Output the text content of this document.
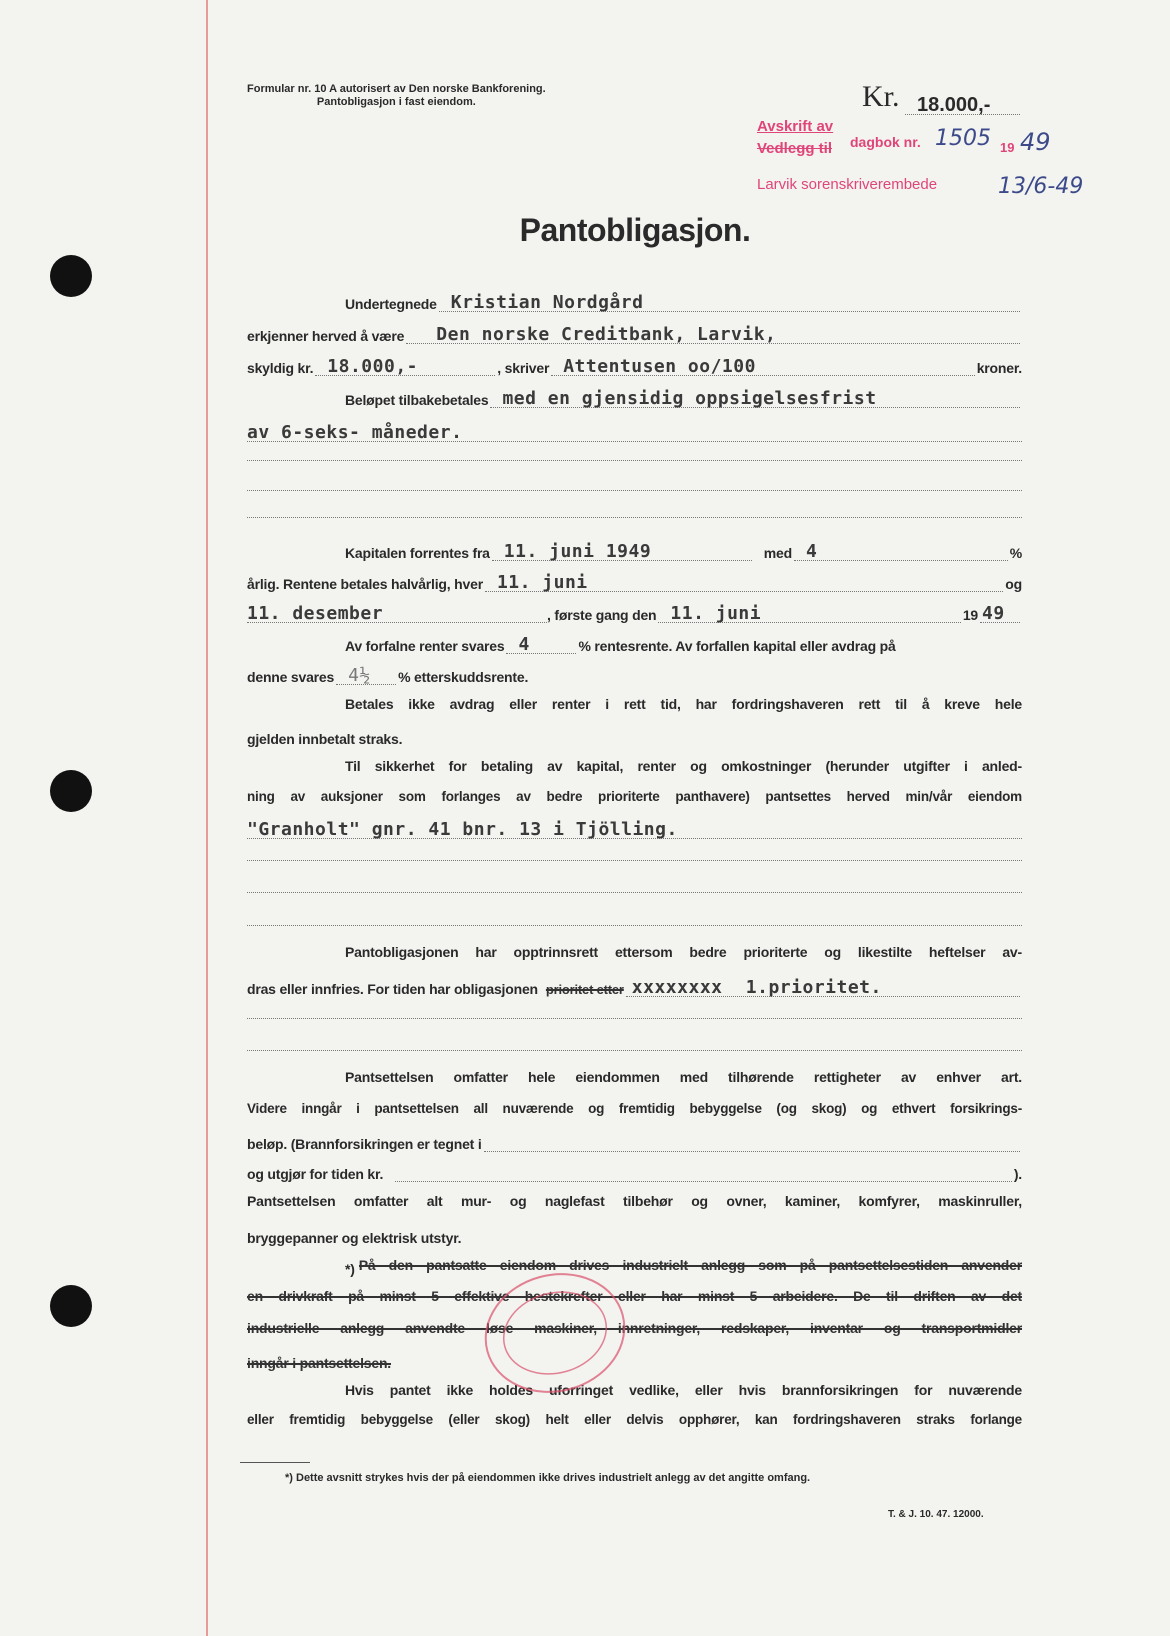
Formular nr. 10 A autorisert av Den norske Bankforening.
Pantobligasjon i fast eiendom.	Kr. 18.000,-
Avskrift av
Vedlegg til dagbok nr. 1505 19 49
Larvik sorenskriverembede	13/6-49
Pantobligasjon.
Undertegnede Kristian Nordgård
erkjenner herved å være Den norske Creditbank, Larvik,
skyldig kr. 18.000,-	, skriver Attentusen oo/100	kroner.
Beløpet tilbakebetales med en gjensidig oppsigelsesfrist
av 6-seks- måneder.
Kapitalen forrentes fra 11. juni 1949	med 4	%
årlig. Rentene betales halvårlig, hver 11. juni	og
11. desember	, første gang den 11. juni	19 49
Av forfalne renter svares 4	% rentesrente. Av forfallen kapital eller avdrag på
denne svares 4½ % etterskuddsrente.
Betales ikke avdrag eller renter i rett tid, har fordringshaveren rett til å kreve hele
gjelden innbetalt straks.
Til sikkerhet for betaling av kapital, renter og omkostninger (herunder utgifter i anled-
ning av auksjoner som forlanges av bedre prioriterte panthavere) pantsettes herved min/vår eiendom
"Granholt" gnr. 41 bnr. 13 i Tjölling.
Pantobligasjonen har opptrinnsrett ettersom bedre prioriterte og likestilte heftelser av-
dras eller innfries. For tiden har obligasjonen prioritet etter xxxxxxxx 1.prioritet.
Pantsettelsen omfatter hele eiendommen med tilhørende rettigheter av enhver art.
Videre inngår i pantsettelsen all nuværende og fremtidig bebyggelse (og skog) og ethvert forsikrings-
beløp. (Brannforsikringen er tegnet i
og utgjør for tiden kr.	).
Pantsettelsen omfatter alt mur- og naglefast tilbehør og ovner, kaminer, komfyrer, maskinruller,
bryggepanner og elektrisk utstyr.
*) På den pantsatte eiendom drives industrielt anlegg som på pantsettelsestiden anvender
en drivkraft på minst 5 effektive hestekrefter eller har minst 5 arbeidere. De til driften av det
industrielle anlegg anvendte løse maskiner, innretninger, redskaper, inventar og transportmidler
inngår i pantsettelsen.
Hvis pantet ikke holdes uforringet vedlike, eller hvis brannforsikringen for nuværende
eller fremtidig bebyggelse (eller skog) helt eller delvis opphører, kan fordringshaveren straks forlange
*) Dette avsnitt strykes hvis der på eiendommen ikke drives industrielt anlegg av det angitte omfang.
T. & J. 10. 47. 12000.
